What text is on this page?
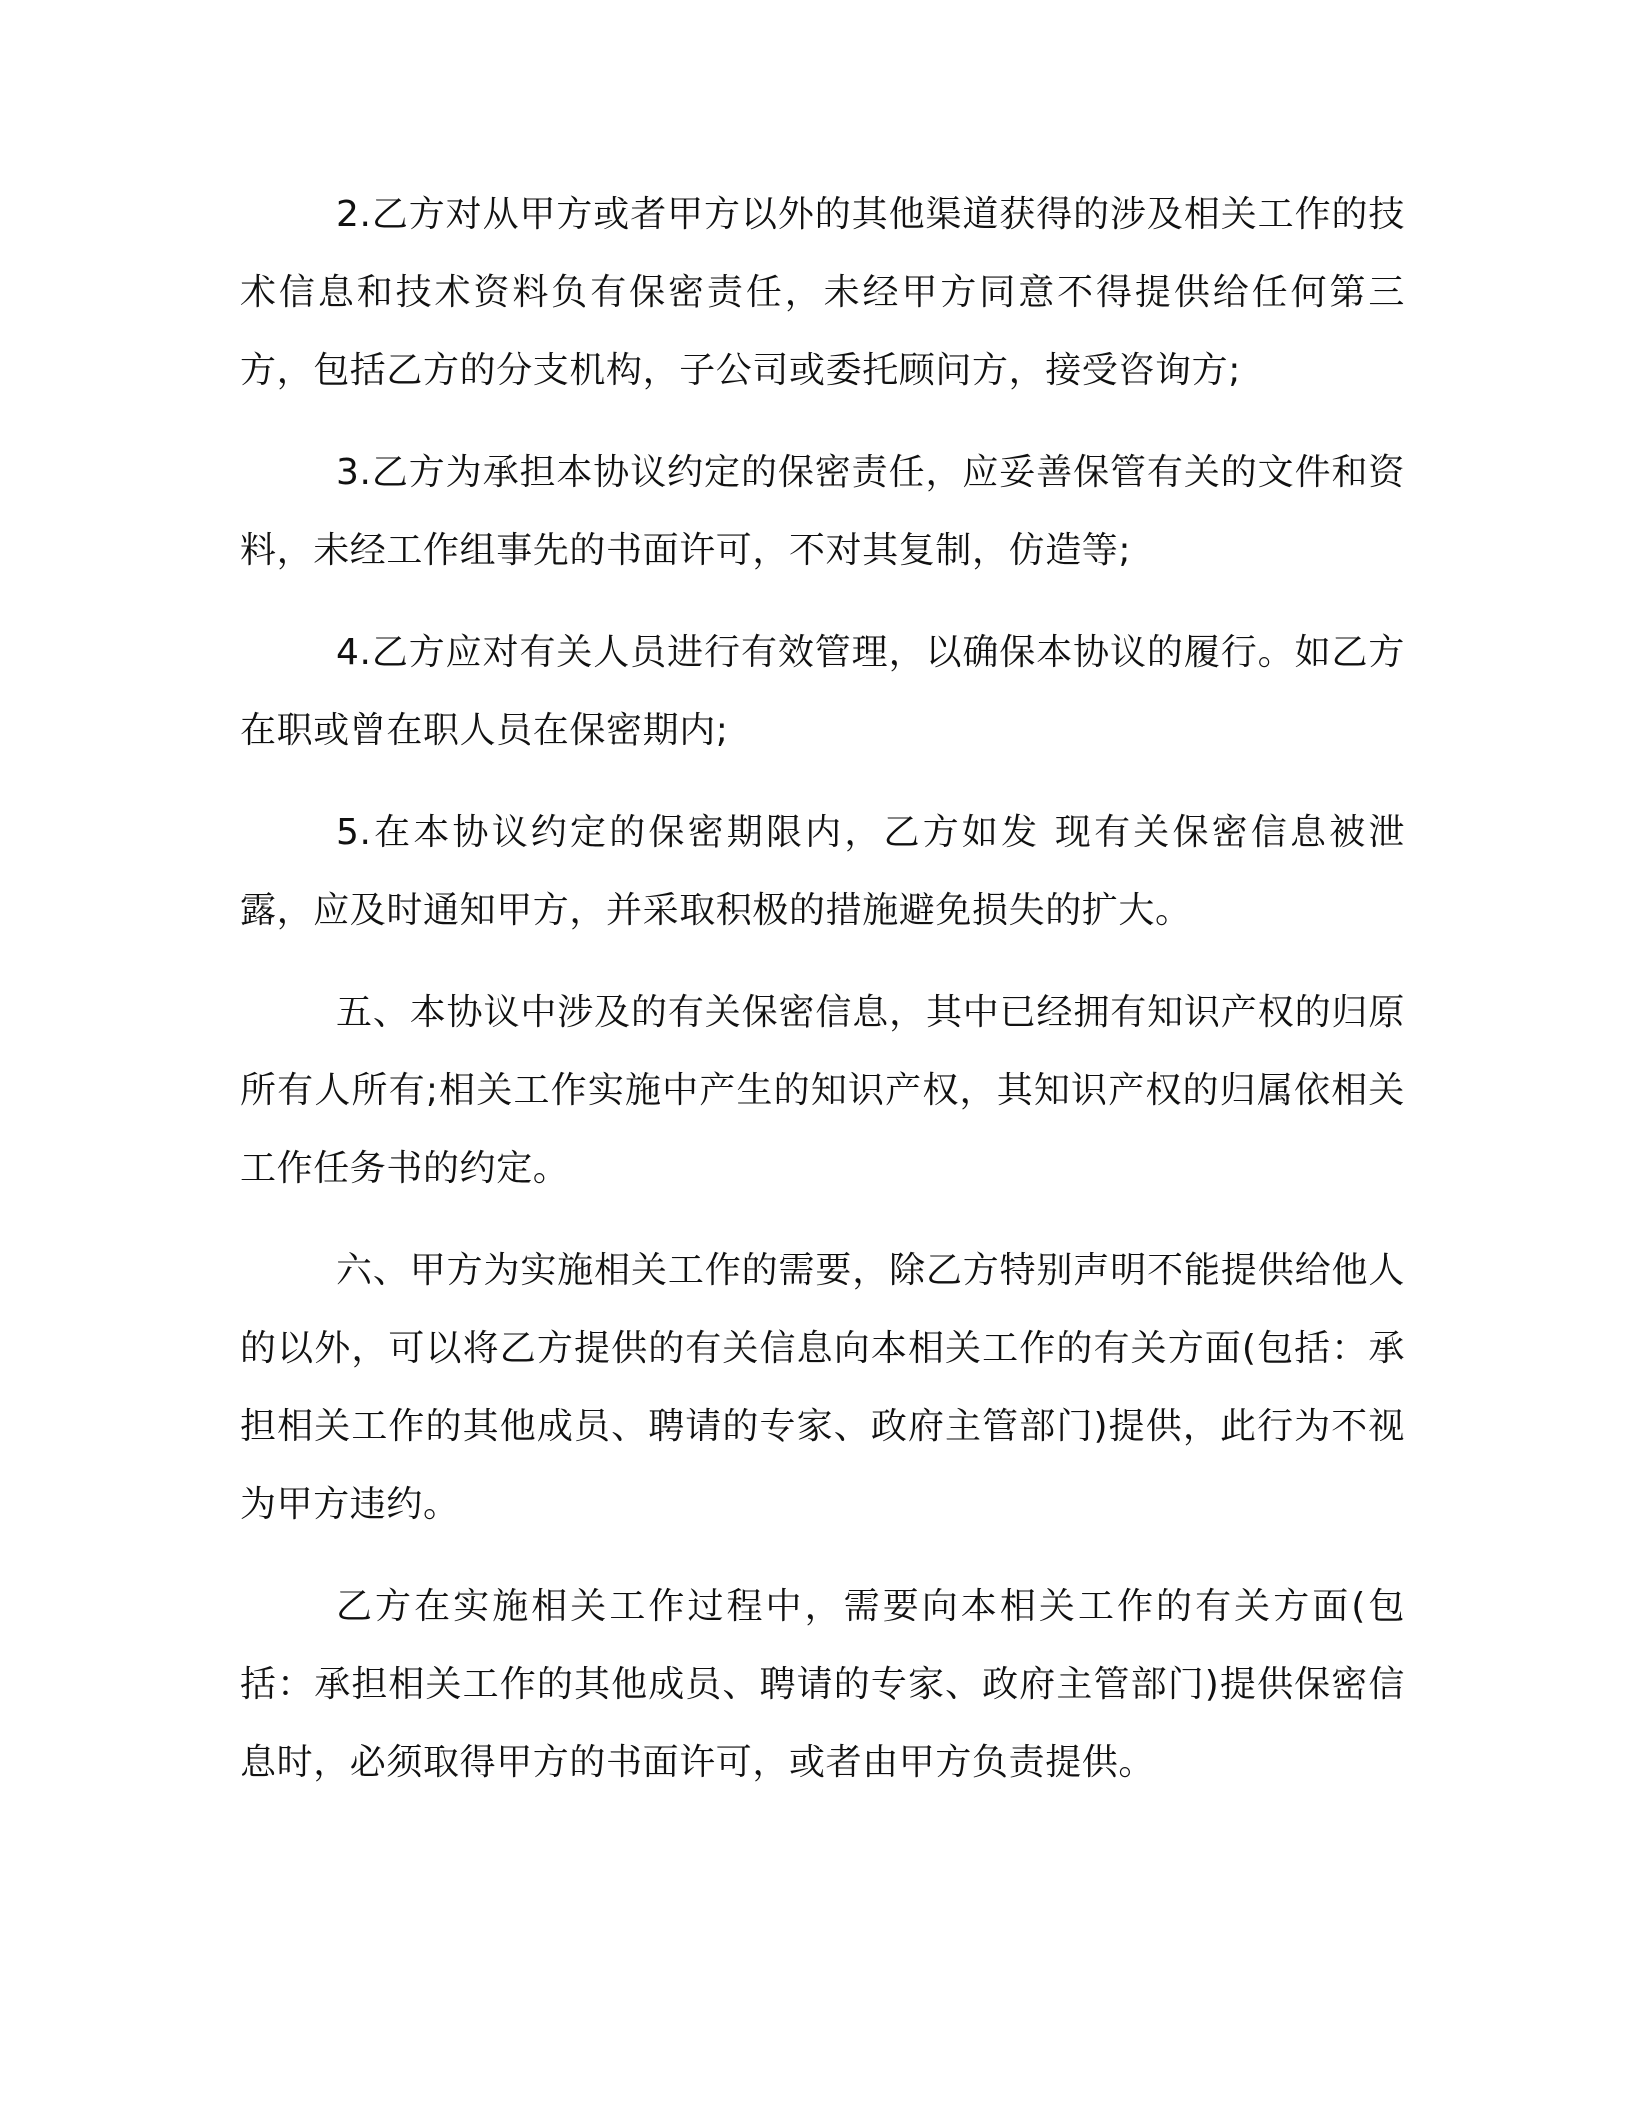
2.乙方对从甲方或者甲方以外的其他渠道获得的涉及相关工作的技术信息和技术资料负有保密责任，未经甲方同意不得提供给任何第三方，包括乙方的分支机构，子公司或委托顾问方，接受咨询方;

3.乙方为承担本协议约定的保密责任，应妥善保管有关的文件和资料，未经工作组事先的书面许可，不对其复制，仿造等;

4.乙方应对有关人员进行有效管理，以确保本协议的履行。如乙方在职或曾在职人员在保密期内;

5.在本协议约定的保密期限内，乙方如发 现有关保密信息被泄露，应及时通知甲方，并采取积极的措施避免损失的扩大。

五、本协议中涉及的有关保密信息，其中已经拥有知识产权的归原所有人所有;相关工作实施中产生的知识产权，其知识产权的归属依相关工作任务书的约定。

六、甲方为实施相关工作的需要，除乙方特别声明不能提供给他人的以外，可以将乙方提供的有关信息向本相关工作的有关方面(包括：承担相关工作的其他成员、聘请的专家、政府主管部门)提供，此行为不视为甲方违约。

乙方在实施相关工作过程中，需要向本相关工作的有关方面(包括：承担相关工作的其他成员、聘请的专家、政府主管部门)提供保密信息时，必须取得甲方的书面许可，或者由甲方负责提供。
